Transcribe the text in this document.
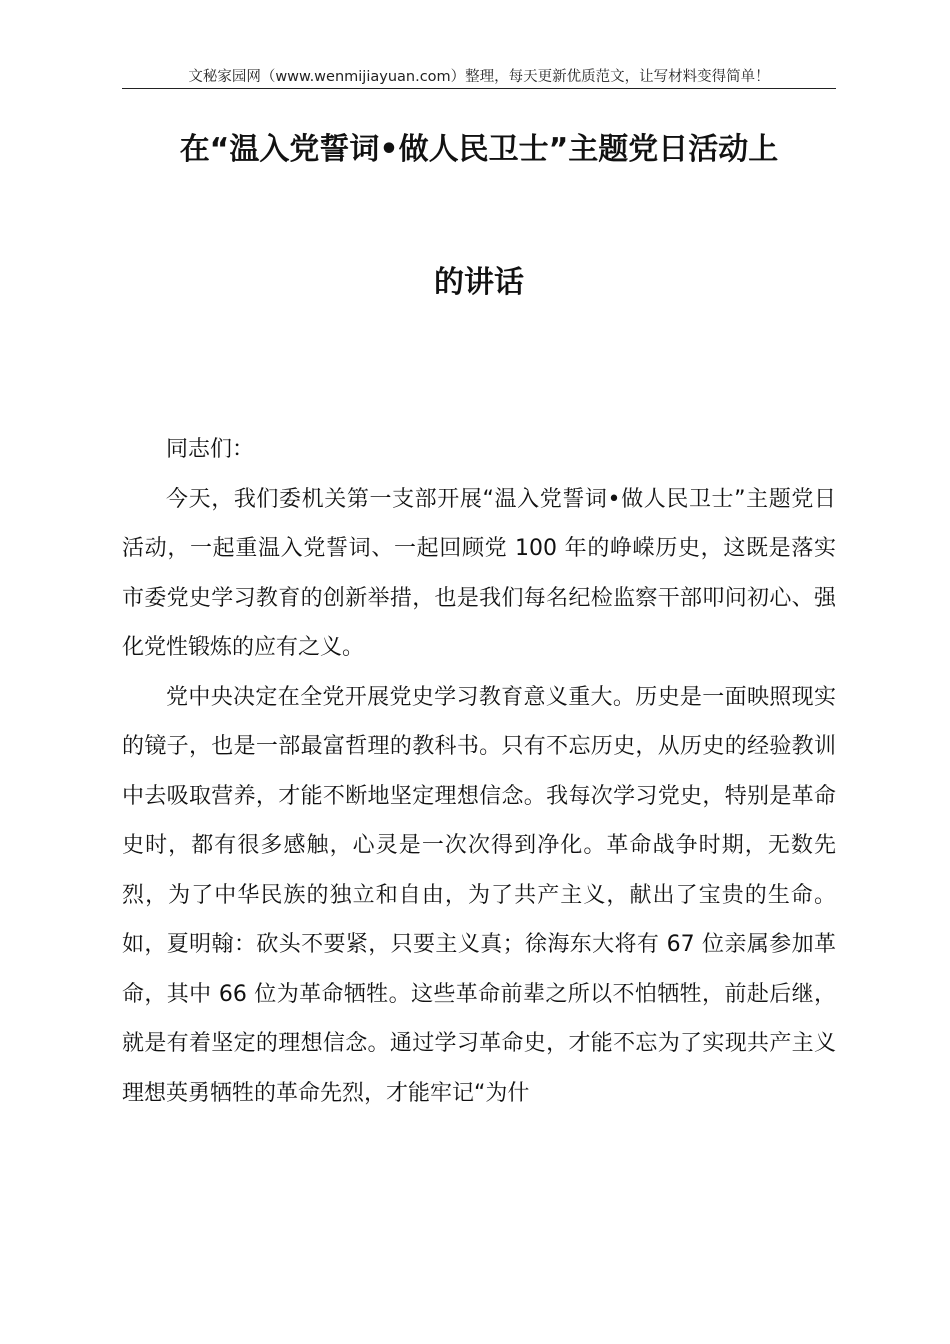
文秘家园网（www.wenmijiayuan.com）整理，每天更新优质范文，让写材料变得简单！
在“温入党誓词•做人民卫士”主题党日活动上
的讲话

同志们：

今天，我们委机关第一支部开展“温入党誓词•做人民卫士”主题党日活动，一起重温入党誓词、一起回顾党 100 年的峥嵘历史，这既是落实市委党史学习教育的创新举措，也是我们每名纪检监察干部叩问初心、强化党性锻炼的应有之义。

党中央决定在全党开展党史学习教育意义重大。历史是一面映照现实的镜子，也是一部最富哲理的教科书。只有不忘历史，从历史的经验教训中去吸取营养，才能不断地坚定理想信念。我每次学习党史，特别是革命史时，都有很多感触，心灵是一次次得到净化。革命战争时期，无数先烈，为了中华民族的独立和自由，为了共产主义，献出了宝贵的生命。如，夏明翰：砍头不要紧，只要主义真；徐海东大将有 67 位亲属参加革命，其中 66 位为革命牺牲。这些革命前辈之所以不怕牺牲，前赴后继，就是有着坚定的理想信念。通过学习革命史，才能不忘为了实现共产主义理想英勇牺牲的革命先烈，才能牢记“为什
